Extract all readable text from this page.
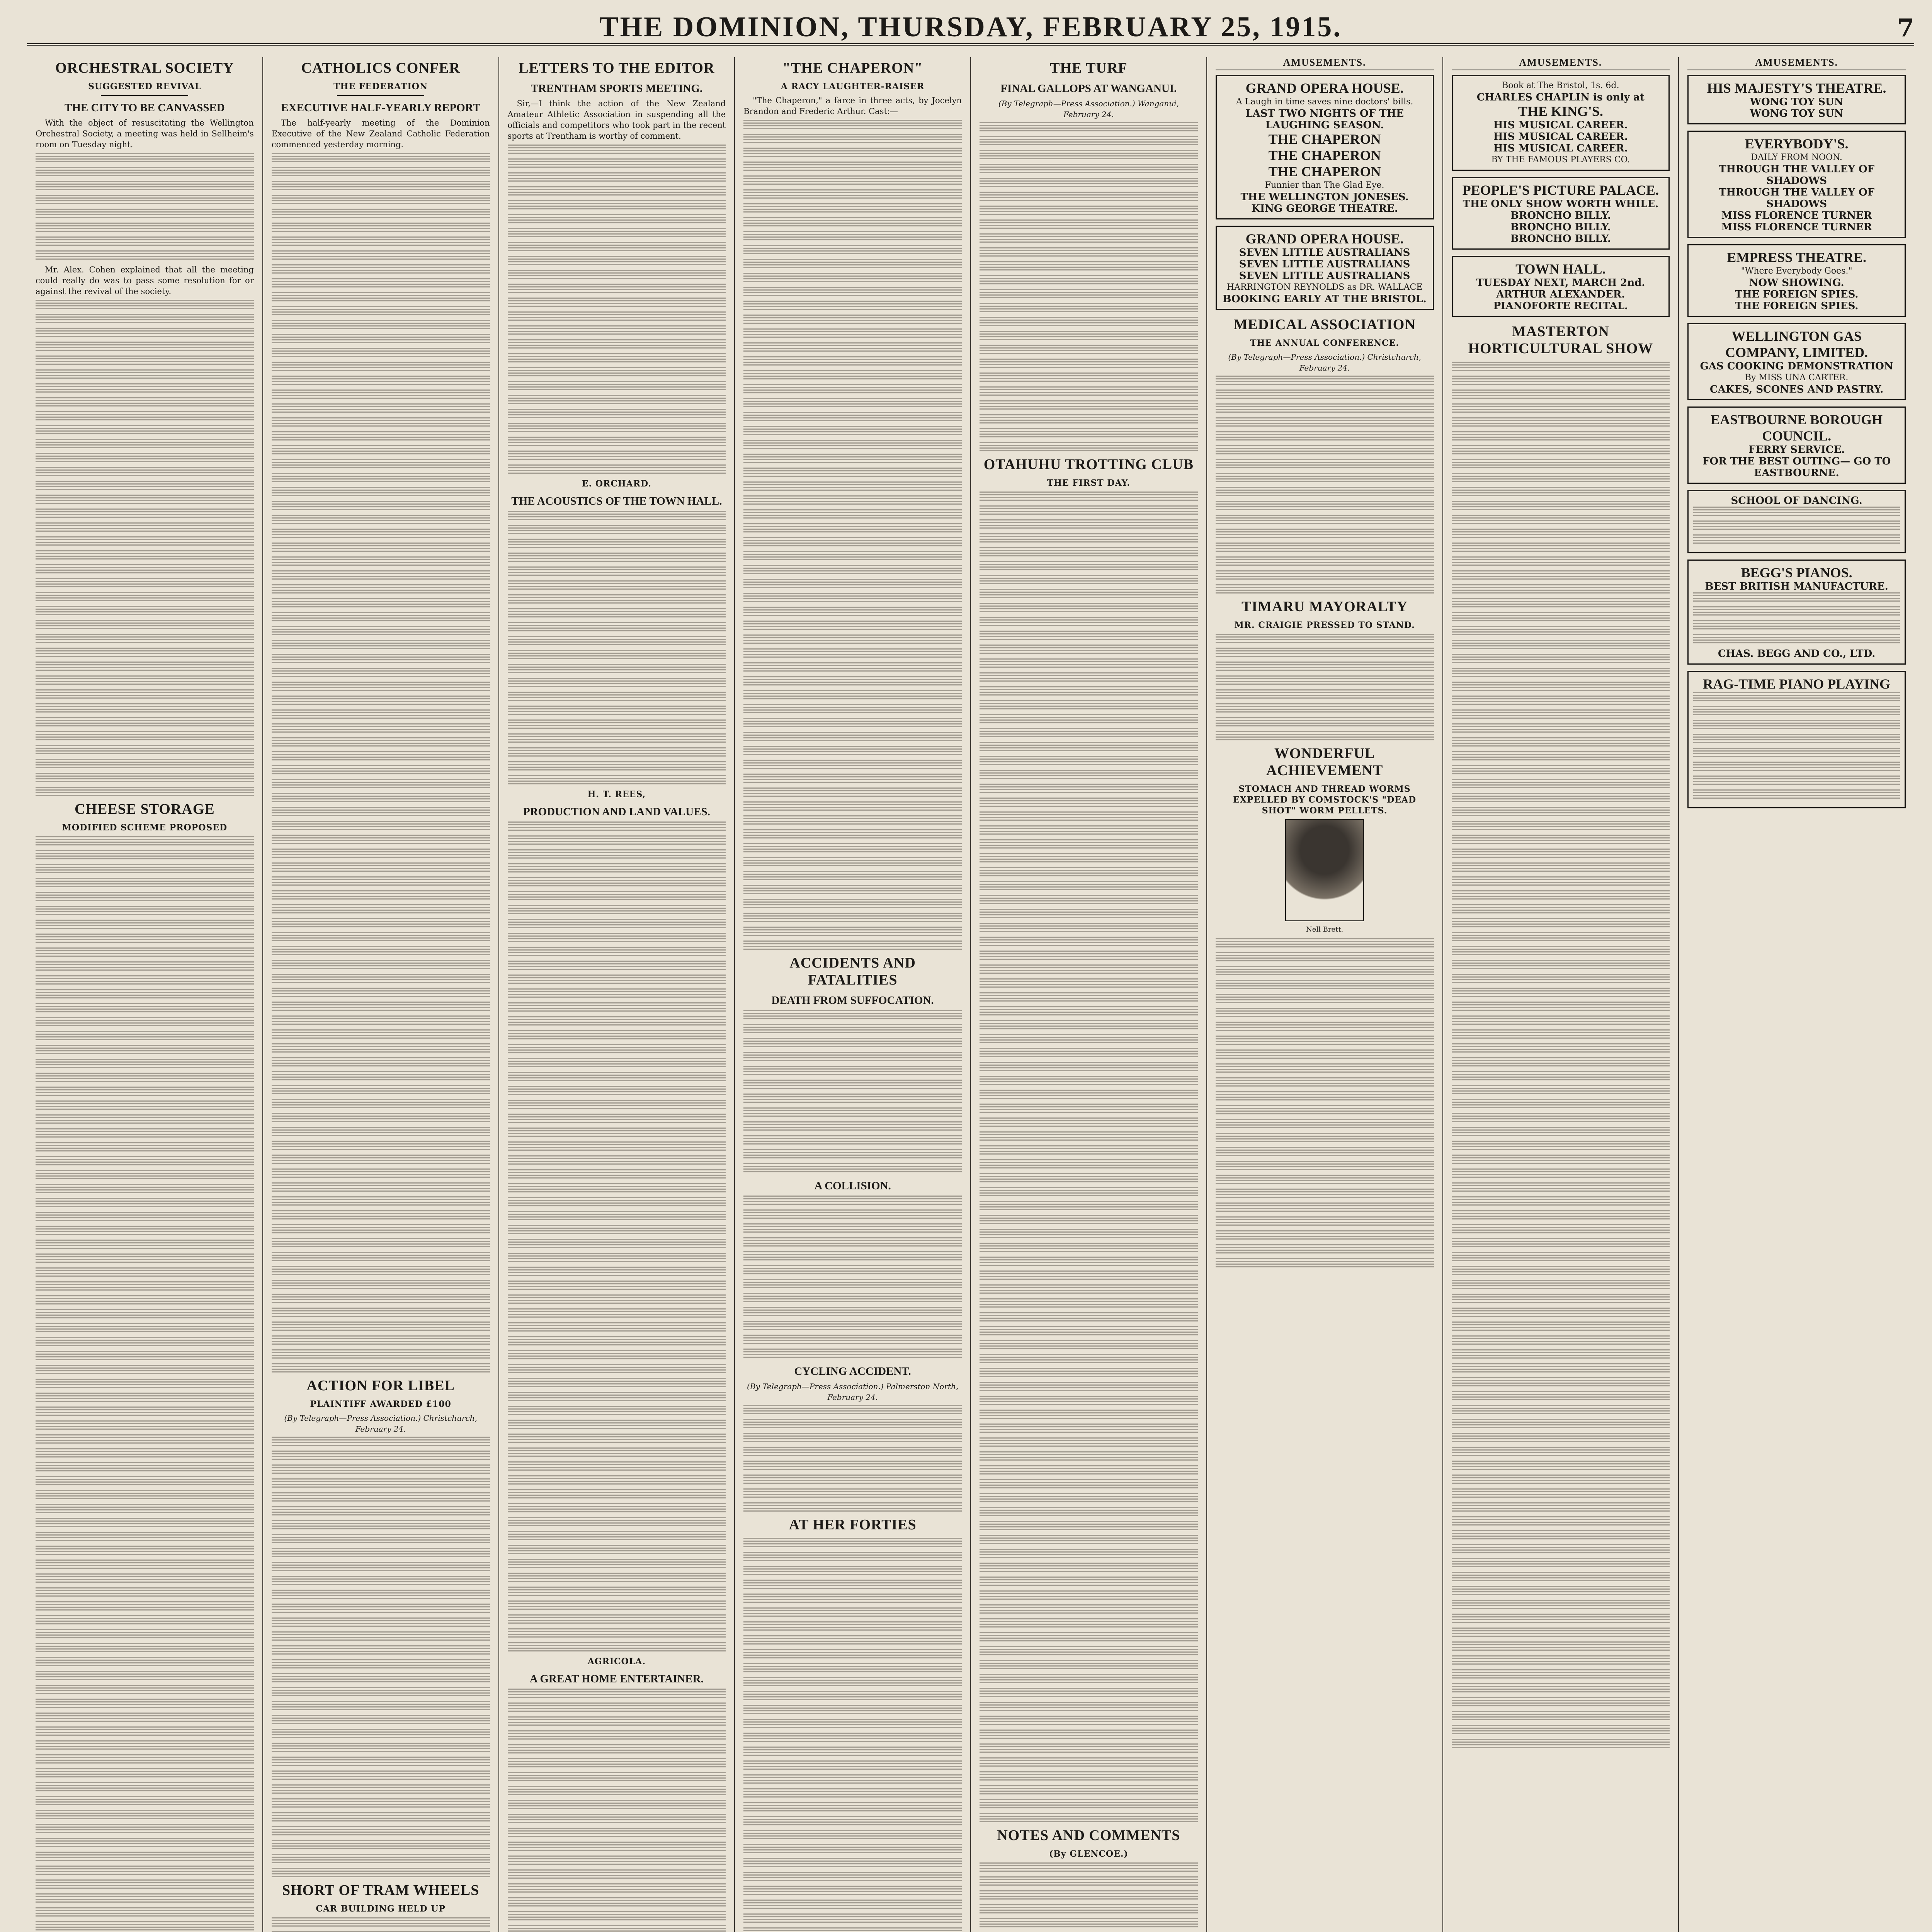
THE DOMINION, THURSDAY, FEBRUARY 25, 1915.	7
ORCHESTRAL SOCIETY
SUGGESTED REVIVAL
THE CITY TO BE CANVASSED

With the object of resuscitating the Wellington Orchestral Society, a meeting was held in Sellheim's room on Tuesday night.

Mr. Alex. Cohen explained that all the meeting could really do was to pass some resolution for or against the revival of the society.

CHEESE STORAGE
MODIFIED SCHEME PROPOSED
CATHOLICS CONFER
THE FEDERATION
EXECUTIVE HALF-YEARLY REPORT

The half-yearly meeting of the Dominion Executive of the New Zealand Catholic Federation commenced yesterday morning.

ACTION FOR LIBEL
PLAINTIFF AWARDED £100
(By Telegraph—Press Association.) Christchurch, February 24.
SHORT OF TRAM WHEELS
CAR BUILDING HELD UP
LETTERS TO THE EDITOR
TRENTHAM SPORTS MEETING.

Sir,—I think the action of the New Zealand Amateur Athletic Association in suspending all the officials and competitors who took part in the recent sports at Trentham is worthy of comment.

E. ORCHARD.
THE ACOUSTICS OF THE TOWN HALL.
H. T. REES,
PRODUCTION AND LAND VALUES.
AGRICOLA.
A GREAT HOME ENTERTAINER.
"THE CHAPERON"
A RACY LAUGHTER-RAISER

"The Chaperon," a farce in three acts, by Jocelyn Brandon and Frederic Arthur. Cast:—

ACCIDENTS AND FATALITIES
DEATH FROM SUFFOCATION.
A COLLISION.
CYCLING ACCIDENT.
(By Telegraph—Press Association.) Palmerston North, February 24.
AT HER FORTIES
THE TURF
FINAL GALLOPS AT WANGANUI.
(By Telegraph—Press Association.) Wanganui, February 24.
OTAHUHU TROTTING CLUB
THE FIRST DAY.
NOTES AND COMMENTS
(By GLENCOE.)
AMUSEMENTS.
GRAND OPERA HOUSE.
A Laugh in time saves nine doctors' bills.
LAST TWO NIGHTS OF THE LAUGHING SEASON.
THE CHAPERON
THE CHAPERON
THE CHAPERON
Funnier than The Glad Eye.
THE WELLINGTON JONESES.
KING GEORGE THEATRE.
GRAND OPERA HOUSE.
SEVEN LITTLE AUSTRALIANS
SEVEN LITTLE AUSTRALIANS
SEVEN LITTLE AUSTRALIANS
HARRINGTON REYNOLDS as DR. WALLACE
BOOKING EARLY AT THE BRISTOL.
MEDICAL ASSOCIATION
THE ANNUAL CONFERENCE.
(By Telegraph—Press Association.) Christchurch, February 24.
TIMARU MAYORALTY
MR. CRAIGIE PRESSED TO STAND.
WONDERFUL ACHIEVEMENT
STOMACH AND THREAD WORMS EXPELLED BY COMSTOCK'S "DEAD SHOT" WORM PELLETS.
Nell Brett.
AMUSEMENTS.
Book at The Bristol, 1s. 6d.
CHARLES CHAPLIN is only at
THE KING'S.
HIS MUSICAL CAREER.
HIS MUSICAL CAREER.
HIS MUSICAL CAREER.
BY THE FAMOUS PLAYERS CO.
PEOPLE'S PICTURE PALACE.
THE ONLY SHOW WORTH WHILE.
BRONCHO BILLY.
BRONCHO BILLY.
BRONCHO BILLY.
TOWN HALL.
TUESDAY NEXT, MARCH 2nd.
ARTHUR ALEXANDER.
PIANOFORTE RECITAL.
MASTERTON HORTICULTURAL SHOW
AMUSEMENTS.
HIS MAJESTY'S THEATRE.
WONG TOY SUN
WONG TOY SUN
EVERYBODY'S.
DAILY FROM NOON.
THROUGH THE VALLEY OF SHADOWS
THROUGH THE VALLEY OF SHADOWS
MISS FLORENCE TURNER
MISS FLORENCE TURNER
EMPRESS THEATRE.
"Where Everybody Goes."
NOW SHOWING.
THE FOREIGN SPIES.
THE FOREIGN SPIES.
WELLINGTON GAS COMPANY, LIMITED.
GAS COOKING DEMONSTRATION
By MISS UNA CARTER.
CAKES, SCONES AND PASTRY.
EASTBOURNE BOROUGH COUNCIL.
FERRY SERVICE.
FOR THE BEST OUTING— GO TO EASTBOURNE.
SCHOOL OF DANCING.
BEGG'S PIANOS.
BEST BRITISH MANUFACTURE.
CHAS. BEGG AND CO., LTD.
RAG-TIME PIANO PLAYING
